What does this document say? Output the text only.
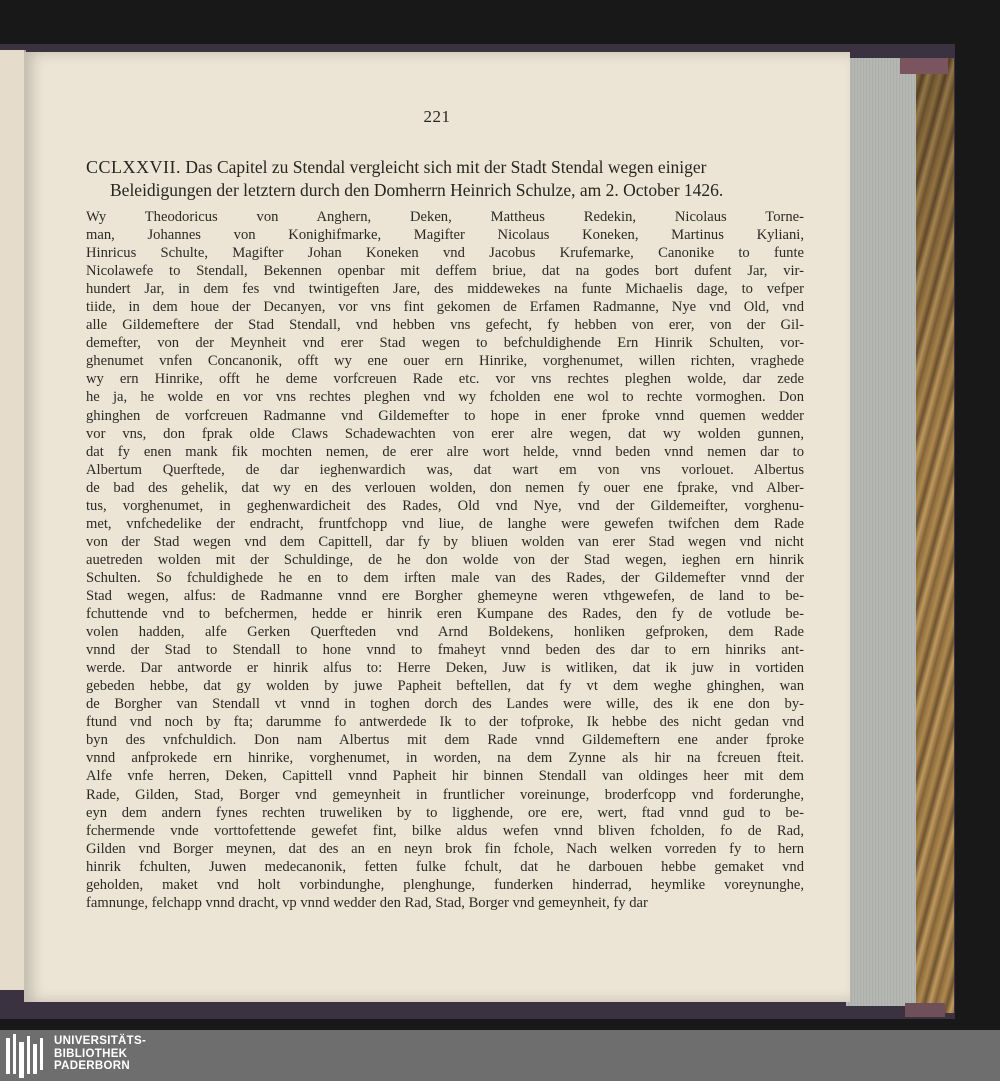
221
CCLXXVII. Das Capitel zu Stendal vergleicht sich mit der Stadt Stendal wegen einiger
Beleidigungen der letztern durch den Domherrn Heinrich Schulze, am 2. October 1426.
Wy Theodoricus von Anghern, Deken, Mattheus Redekin, Nicolaus Torne-
man, Johannes von Konighifmarke, Magifter Nicolaus Koneken, Martinus Kyliani,
Hinricus Schulte, Magifter Johan Koneken vnd Jacobus Krufemarke, Canonike to funte
Nicolawefe to Stendall, Bekennen openbar mit deffem briue, dat na godes bort dufent Jar, vir-
hundert Jar, in dem fes vnd twintigeften Jare, des middewekes na funte Michaelis dage, to vefper
tiide, in dem houe der Decanyen, vor vns fint gekomen de Erfamen Radmanne, Nye vnd Old, vnd
alle Gildemeftere der Stad Stendall, vnd hebben vns gefecht, fy hebben von erer, von der Gil-
demefter, von der Meynheit vnd erer Stad wegen to befchuldighende Ern Hinrik Schulten, vor-
ghenumet vnfen Concanonik, offt wy ene ouer ern Hinrike, vorghenumet, willen richten, vraghede
wy ern Hinrike, offt he deme vorfcreuen Rade etc. vor vns rechtes pleghen wolde, dar zede
he ja, he wolde en vor vns rechtes pleghen vnd wy fcholden ene wol to rechte vormoghen. Don
ghinghen de vorfcreuen Radmanne vnd Gildemefter to hope in ener fproke vnnd quemen wedder
vor vns, don fprak olde Claws Schadewachten von erer alre wegen, dat wy wolden gunnen,
dat fy enen mank fik mochten nemen, de erer alre wort helde, vnnd beden vnnd nemen dar to
Albertum Querftede, de dar ieghenwardich was, dat wart em von vns vorlouet. Albertus
de bad des gehelik, dat wy en des verlouen wolden, don nemen fy ouer ene fprake, vnd Alber-
tus, vorghenumet, in geghenwardicheit des Rades, Old vnd Nye, vnd der Gildemeifter, vorghenu-
met, vnfchedelike der endracht, fruntfchopp vnd liue, de langhe were gewefen twifchen dem Rade
von der Stad wegen vnd dem Capittell, dar fy by bliuen wolden van erer Stad wegen vnd nicht
auetreden wolden mit der Schuldinge, de he don wolde von der Stad wegen, ieghen ern hinrik
Schulten. So fchuldighede he en to dem irften male van des Rades, der Gildemefter vnnd der
Stad wegen, alfus: de Radmanne vnnd ere Borgher ghemeyne weren vthgewefen, de land to be-
fchuttende vnd to befchermen, hedde er hinrik eren Kumpane des Rades, den fy de votlude be-
volen hadden, alfe Gerken Querfteden vnd Arnd Boldekens, honliken gefproken, dem Rade
vnnd der Stad to Stendall to hone vnnd to fmaheyt vnnd beden des dar to ern hinriks ant-
werde. Dar antworde er hinrik alfus to: Herre Deken, Juw is witliken, dat ik juw in vortiden
gebeden hebbe, dat gy wolden by juwe Papheit beftellen, dat fy vt dem weghe ghinghen, wan
de Borgher van Stendall vt vnnd in toghen dorch des Landes were wille, des ik ene don by-
ftund vnd noch by fta; darumme fo antwerdede Ik to der tofproke, Ik hebbe des nicht gedan vnd
byn des vnfchuldich. Don nam Albertus mit dem Rade vnnd Gildemeftern ene ander fproke
vnnd anfprokede ern hinrike, vorghenumet, in worden, na dem Zynne als hir na fcreuen fteit.
Alfe vnfe herren, Deken, Capittell vnnd Papheit hir binnen Stendall van oldinges heer mit dem
Rade, Gilden, Stad, Borger vnd gemeynheit in fruntlicher voreinunge, broderfcopp vnd forderunghe,
eyn dem andern fynes rechten truweliken by to ligghende, ore ere, wert, ftad vnnd gud to be-
fchermende vnde vorttofettende gewefet fint, bilke aldus wefen vnnd bliven fcholden, fo de Rad,
Gilden vnd Borger meynen, dat des an en neyn brok fin fchole, Nach welken vorreden fy to hern
hinrik fchulten, Juwen medecanonik, fetten fulke fchult, dat he darbouen hebbe gemaket vnd
geholden, maket vnd holt vorbindunghe, plenghunge, funderken hinderrad, heymlike voreynunghe,
famnunge, felchapp vnnd dracht, vp vnnd wedder den Rad, Stad, Borger vnd gemeynheit, fy dar
UNIVERSITÄTS-
BIBLIOTHEK
PADERBORN
